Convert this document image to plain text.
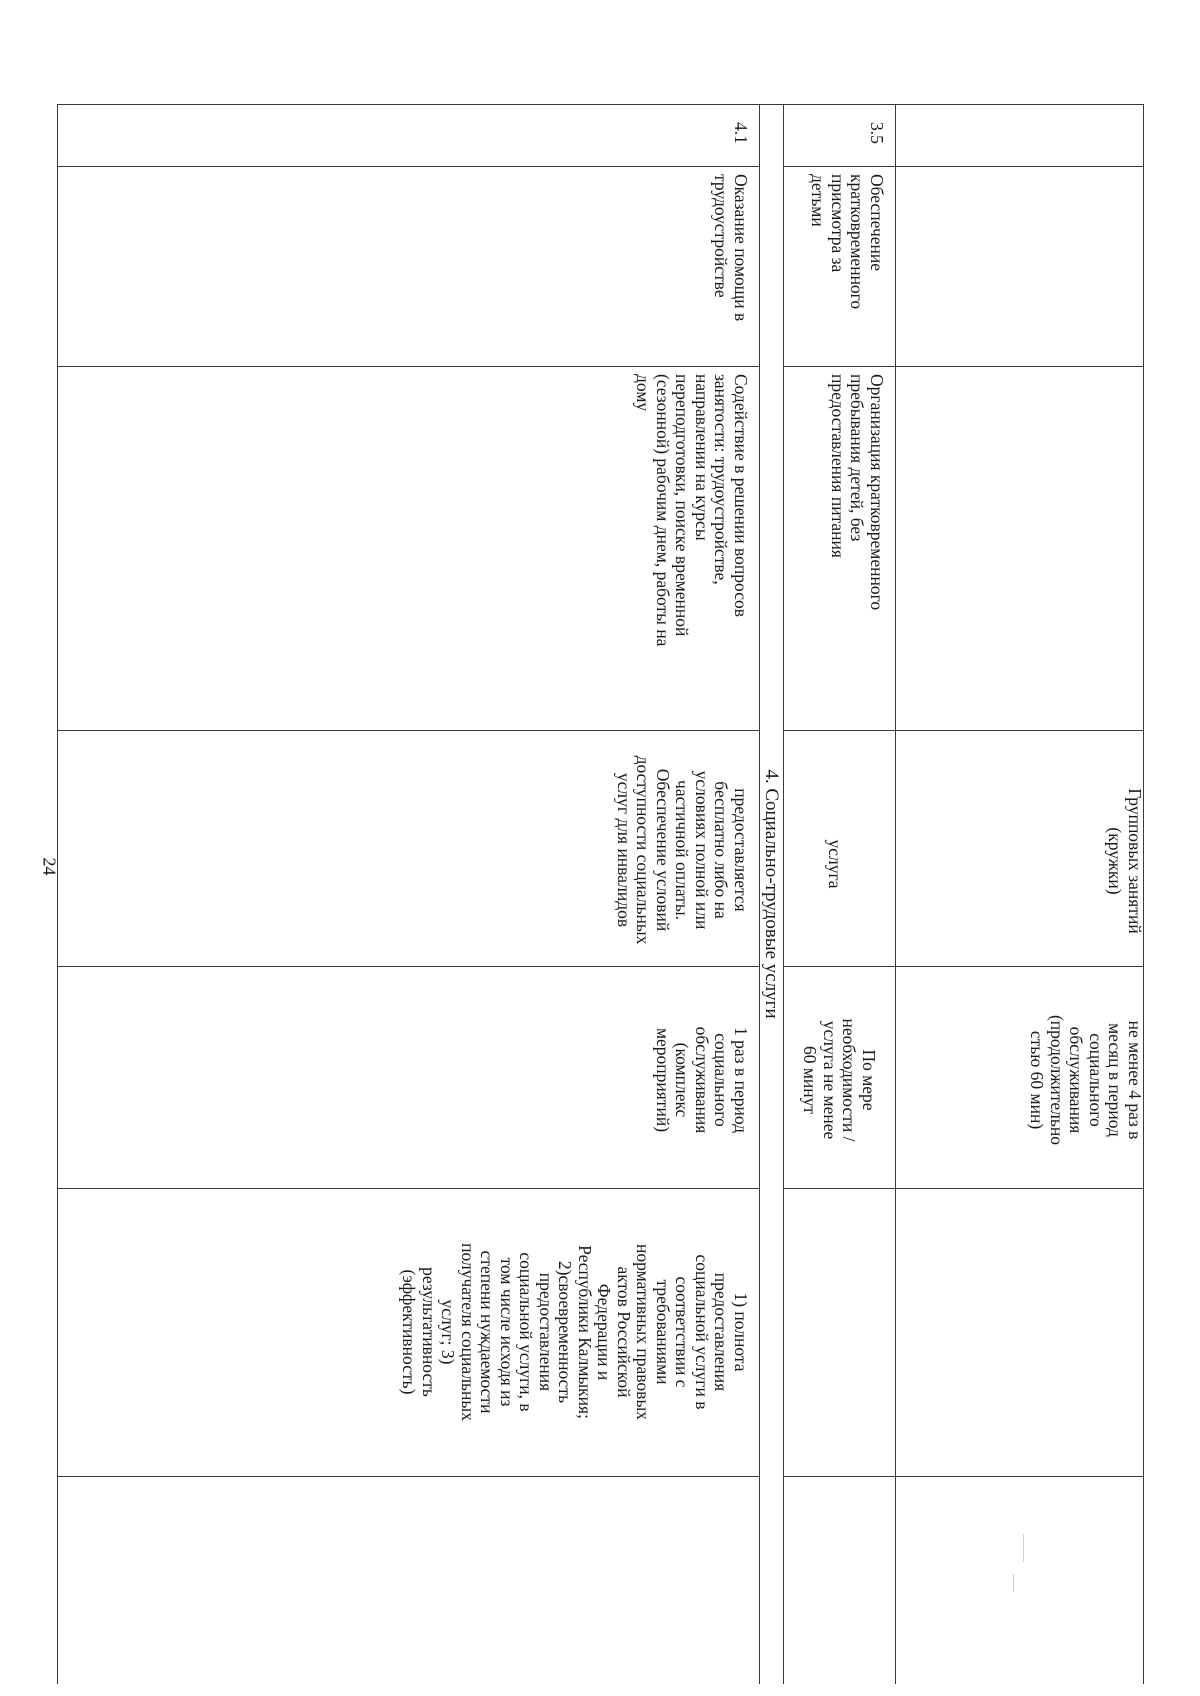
3.5
Обеспечение
кратковременного
присмотра за
детьми
Организация кратковременного
пребывания детей, без
предоставления питания
Групповых занятий
(кружки)
услуга
не менее 4 раз в
месяц в период
социального
обслуживания
(продолжительно
стью 60 мин)
По мере
необходимости /
услуга не менее
60 минут
4. Социально-трудовые услуги
4.1
Оказание помощи в
трудоустройстве
Содействие в решении вопросов
занятости: трудоустройстве,
направлении на курсы
переподготовки, поиске временной
(сезонной) рабочим днем, работы на
дому
предоставляется
бесплатно либо на
условиях полной или
частичной оплаты.
Обеспечение условий
доступности социальных
услуг для инвалидов
1 раз в период
социального
обслуживания
(комплекс
мероприятий)
1) полнота
предоставления
социальной услуги в
соответствии с
требованиями
нормативных правовых
актов Российской
Федерации и
Республики Калмыкия;
2)своевременность
предоставления
социальной услуги, в
том числе исходя из
степени нуждаемости
получателя социальных
услуг; 3)
результативность
(эффективность)
24
